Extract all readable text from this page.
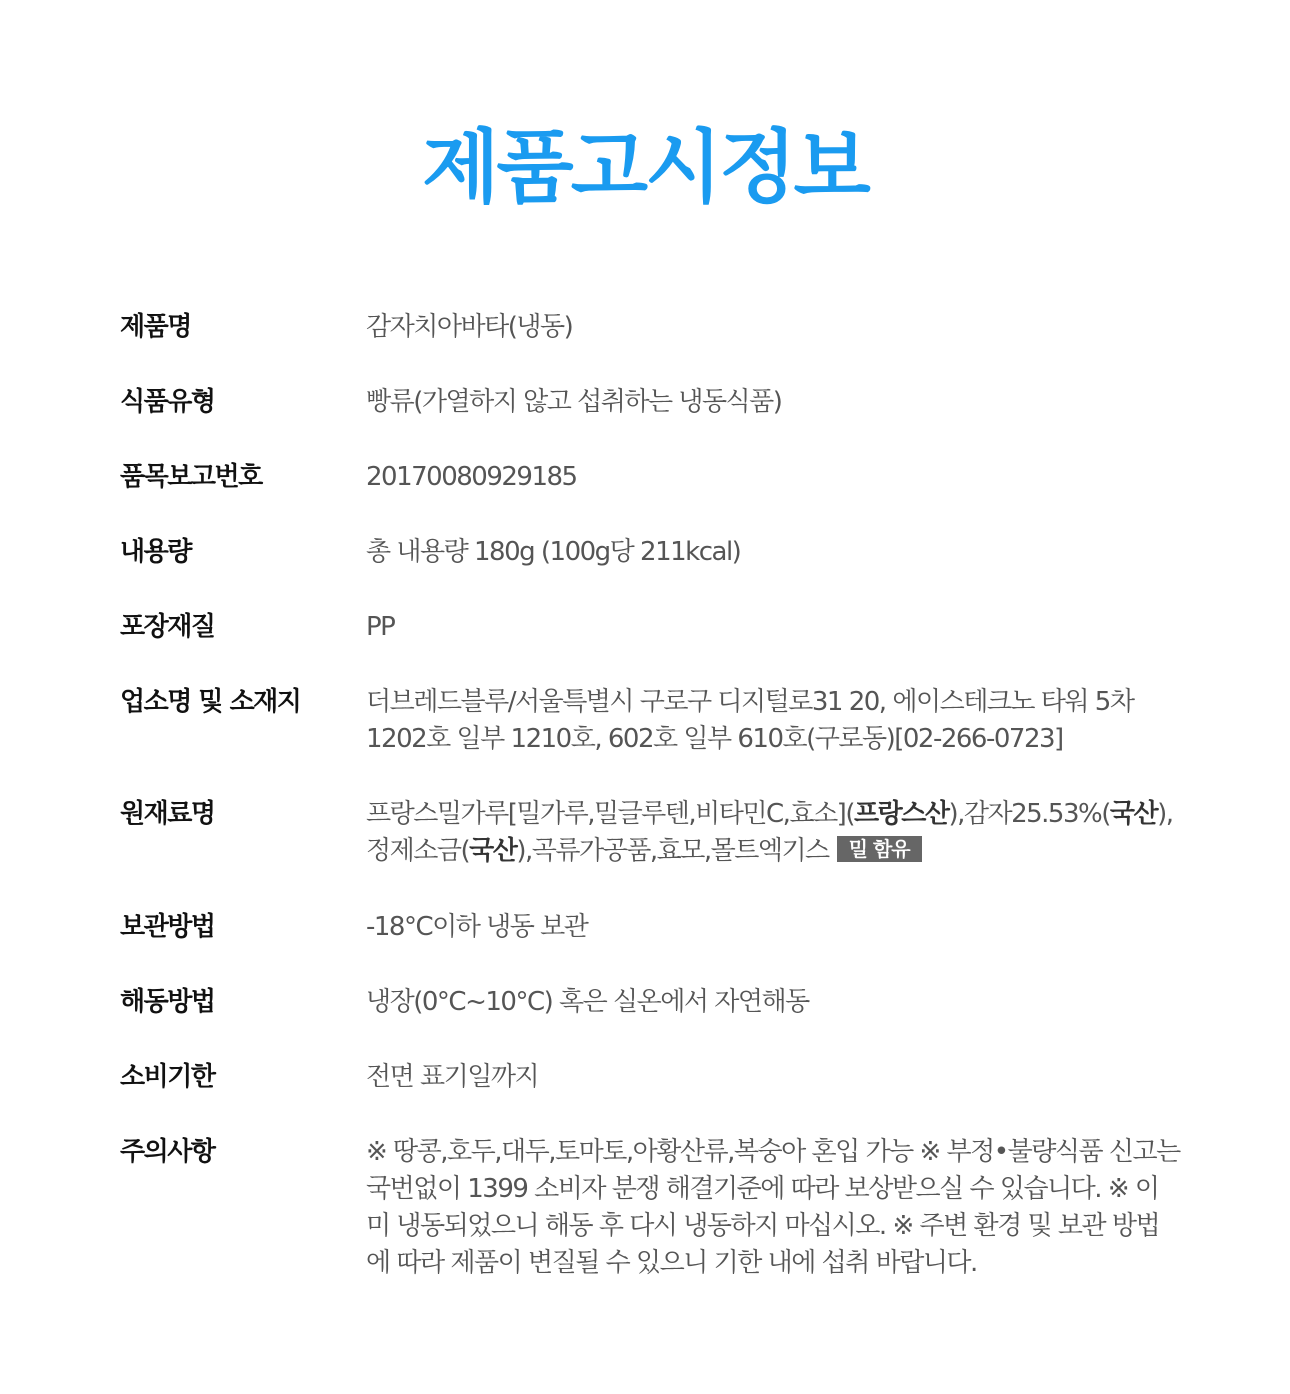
제품고시정보
제품명	감자치아바타(냉동)
식품유형	빵류(가열하지 않고 섭취하는 냉동식품)
품목보고번호	20170080929185
내용량	총 내용량 180g (100g당 211kcal)
포장재질	PP
업소명 및 소재지	더브레드블루/서울특별시 구로구 디지털로31 20, 에이스테크노 타워 5차 1202호 일부 1210호, 602호 일부 610호(구로동)[02-266-0723]
원재료명	프랑스밀가루[밀가루,밀글루텐,비타민C,효소](프랑스산),감자25.53%(국산),정제소금(국산),곡류가공품,효모,몰트엑기스 밀 함유
보관방법	-18°C이하 냉동 보관
해동방법	냉장(0°C~10°C) 혹은 실온에서 자연해동
소비기한	전면 표기일까지
주의사항	※ 땅콩,호두,대두,토마토,아황산류,복숭아 혼입 가능 ※ 부정•불량식품 신고는 국번없이 1399 소비자 분쟁 해결기준에 따라 보상받으실 수 있습니다. ※ 이미 냉동되었으니 해동 후 다시 냉동하지 마십시오. ※ 주변 환경 및 보관 방법에 따라 제품이 변질될 수 있으니 기한 내에 섭취 바랍니다.
